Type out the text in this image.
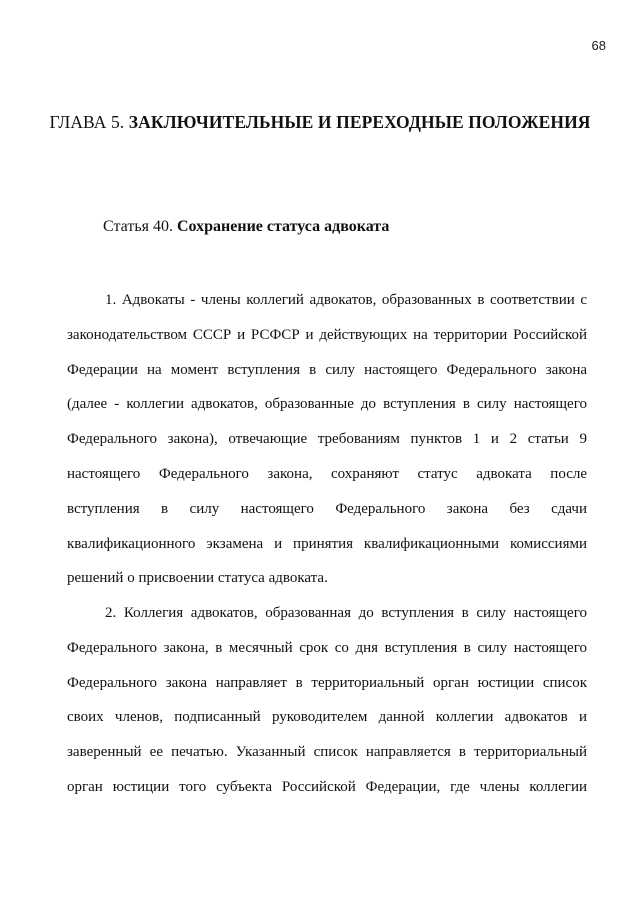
68
ГЛАВА 5. ЗАКЛЮЧИТЕЛЬНЫЕ И ПЕРЕХОДНЫЕ ПОЛОЖЕНИЯ
Статья 40. Сохранение статуса адвоката
1. Адвокаты - члены коллегий адвокатов, образованных в соответствии с
законодательством СССР и РСФСР и действующих на территории Российской
Федерации на момент вступления в силу настоящего Федерального закона
(далее - коллегии адвокатов, образованные до вступления в силу настоящего
Федерального закона), отвечающие требованиям пунктов 1 и 2 статьи 9
настоящего Федерального закона, сохраняют статус адвоката после
вступления в силу настоящего Федерального закона без сдачи
квалификационного экзамена и принятия квалификационными комиссиями
решений о присвоении статуса адвоката.
2. Коллегия адвокатов, образованная до вступления в силу настоящего
Федерального закона, в месячный срок со дня вступления в силу настоящего
Федерального закона направляет в территориальный орган юстиции список
своих членов, подписанный руководителем данной коллегии адвокатов и
заверенный ее печатью. Указанный список направляется в территориальный
орган юстиции того субъекта Российской Федерации, где члены коллегии
